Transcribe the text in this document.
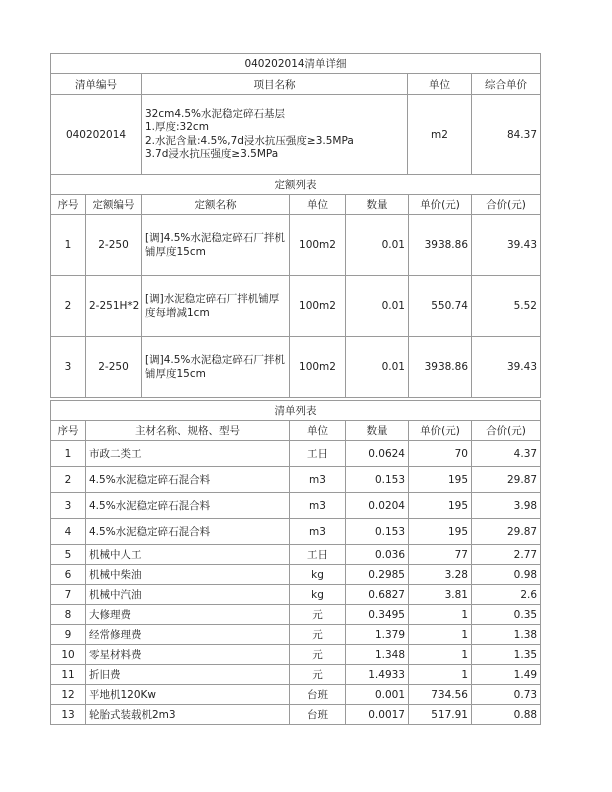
040202014清单详细			
清单编号	项目名称	单位	综合单价
040202014	32cm4.5%水泥稳定碎石基层
1.厚度:32cm
2.水泥含量:4.5%,7d浸水抗压强度≥3.5MPa
3.7d浸水抗压强度≥3.5MPa	m2	84.37
定额列表						
序号	定额编号	定额名称	单位	数量	单价(元)	合价(元)
1	2-250	[调]4.5%水泥稳定碎石厂拌机铺厚度15cm	100m2	0.01	3938.86	39.43
2	2-251H*2	[调]水泥稳定碎石厂拌机铺厚度每增减1cm	100m2	0.01	550.74	5.52
3	2-250	[调]4.5%水泥稳定碎石厂拌机铺厚度15cm	100m2	0.01	3938.86	39.43
清单列表					
序号	主材名称、规格、型号	单位	数量	单价(元)	合价(元)
1	市政二类工	工日	0.0624	70	4.37
2	4.5%水泥稳定碎石混合料	m3	0.153	195	29.87
3	4.5%水泥稳定碎石混合料	m3	0.0204	195	3.98
4	4.5%水泥稳定碎石混合料	m3	0.153	195	29.87
5	机械中人工	工日	0.036	77	2.77
6	机械中柴油	kg	0.2985	3.28	0.98
7	机械中汽油	kg	0.6827	3.81	2.6
8	大修理费	元	0.3495	1	0.35
9	经常修理费	元	1.379	1	1.38
10	零星材料费	元	1.348	1	1.35
11	折旧费	元	1.4933	1	1.49
12	平地机120Kw	台班	0.001	734.56	0.73
13	轮胎式装载机2m3	台班	0.0017	517.91	0.88
